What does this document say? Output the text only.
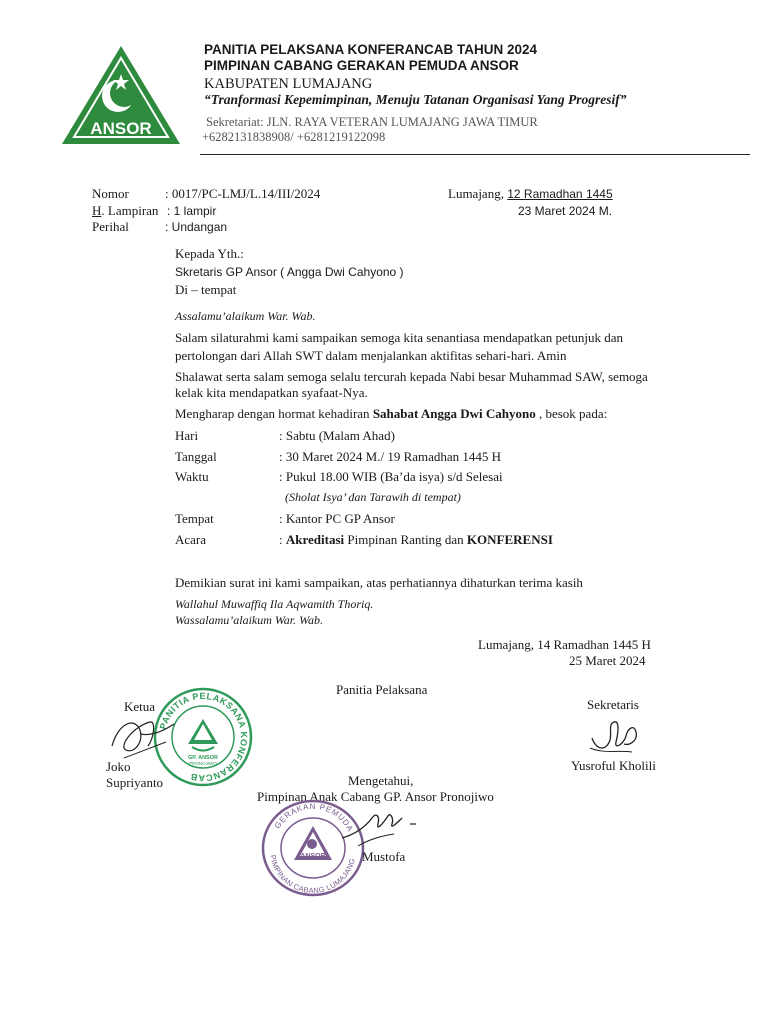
ANSOR
PANITIA PELAKSANA KONFERANCAB TAHUN 2024
PIMPINAN CABANG GERAKAN PEMUDA ANSOR
KABUPATEN LUMAJANG
“Tranformasi Kepemimpinan, Menuju Tatanan Organisasi Yang Progresif”
Sekretariat: JLN. RAYA VETERAN LUMAJANG JAWA TIMUR
+6282131838908/ +6281219122098
Nomor	: 0017/PC-LMJ/L.14/III/2024
H. Lampiran : 1 lampir
Perihal	: Undangan
Lumajang, 12 Ramadhan 1445
23 Maret 2024 M.
Kepada Yth.:
Skretaris GP Ansor ( Angga Dwi Cahyono )
Di – tempat
Assalamu’alaikum War. Wab.
Salam silaturahmi kami sampaikan semoga kita senantiasa mendapatkan petunjuk dan
pertolongan dari Allah SWT dalam menjalankan aktifitas sehari-hari. Amin
Shalawat serta salam semoga selalu tercurah kepada Nabi besar Muhammad SAW, semoga
kelak kita mendapatkan syafaat-Nya.
Mengharap dengan hormat kehadiran Sahabat Angga Dwi Cahyono , besok pada:
Hari	: Sabtu (Malam Ahad)
Tanggal	: 30 Maret 2024 M./ 19 Ramadhan 1445 H
Waktu	: Pukul 18.00 WIB (Ba’da isya) s/d Selesai
(Sholat Isya’ dan Tarawih di tempat)
Tempat	: Kantor PC GP Ansor
Acara	: Akreditasi Pimpinan Ranting dan KONFERENSI
Demikian surat ini kami sampaikan, atas perhatiannya dihaturkan terima kasih
Wallahul Muwaffiq Ila Aqwamith Thoriq.
Wassalamu’alaikum War. Wab.
Lumajang, 14 Ramadhan 1445 H
25 Maret 2024
Panitia Pelaksana
Ketua	Sekretaris
PANITIA PELAKSANA KONFERANCAB
GP. ANSOR
PRONOJIWO
Joko
Supriyanto
Yusroful Kholili
Mengetahui,
Pimpinan Anak Cabang GP. Ansor Pronojiwo
GERAKAN PEMUDA
PIMPINAN CABANG LUMAJANG
ANSOR	Mustofa
